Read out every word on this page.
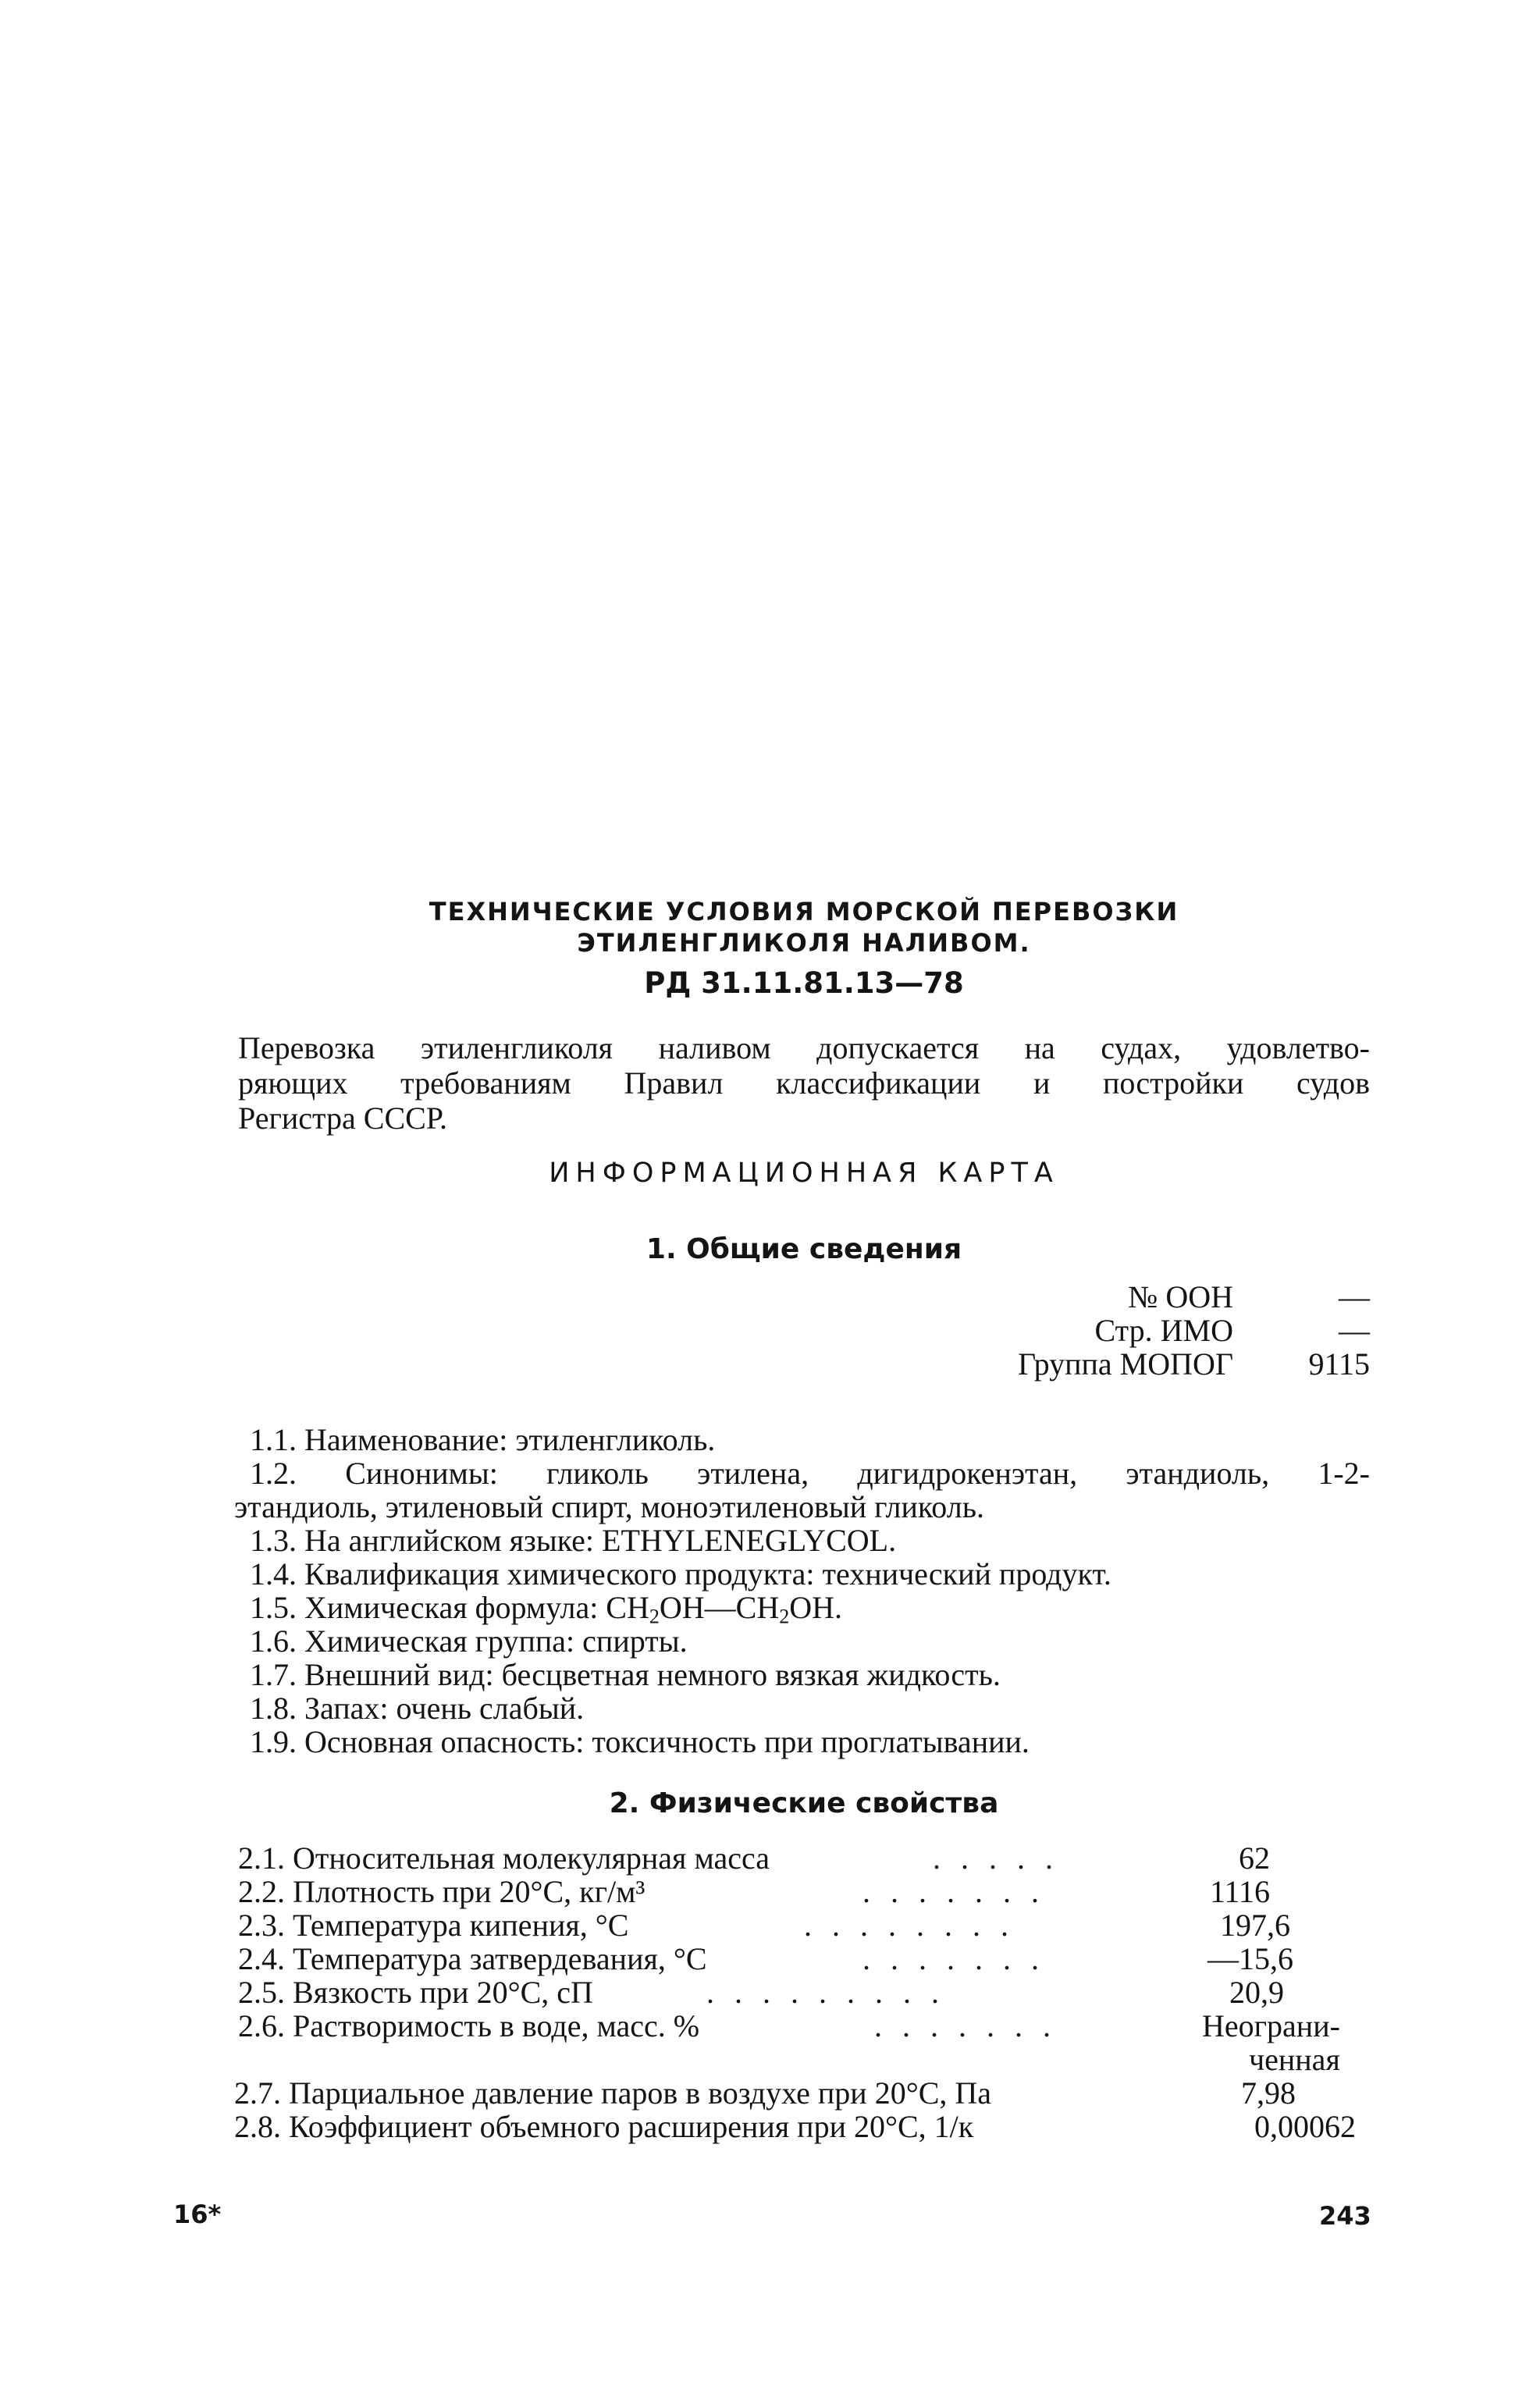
ТЕХНИЧЕСКИЕ УСЛОВИЯ МОРСКОЙ ПЕРЕВОЗКИ
ЭТИЛЕНГЛИКОЛЯ НАЛИВОМ.
РД 31.11.81.13—78
Перевозка этиленгликоля наливом допускается на судах, удовлетво-
ряющих требованиям Правил классификации и постройки судов
Регистра СССР.
ИНФОРМАЦИОННАЯ КАРТА
1. Общие сведения
№ ООН	—
Стр. ИМО	—
Группа МОПОГ 9115
1.1. Наименование: этиленгликоль.
1.2. Синонимы: гликоль этилена, дигидрокенэтан, этандиоль, 1-2-
этандиоль, этиленовый спирт, моноэтиленовый гликоль.
1.3. На английском языке: ETHYLENEGLYCOL.
1.4. Квалификация химического продукта: технический продукт.
1.5. Химическая формула: $CH_2OH—CH_2OH$.
1.6. Химическая группа: спирты.
1.7. Внешний вид: бесцветная немного вязкая жидкость.
1.8. Запах: очень слабый.
1.9. Основная опасность: токсичность при проглатывании.
2. Физические свойства
2.1. Относительная молекулярная масса	. . . . .	62
2.2. Плотность при 20°C, кг/м³	. . . . . . .	1116
2.3. Температура кипения, °C	. . . . . . . .	197,6
2.4. Температура затвердевания, °C	. . . . . . .	—15,6
2.5. Вязкость при 20°C, сП	. . . . . . . . .	20,9
2.6. Растворимость в воде, масс. %	. . . . . . .	Неограни-
ченная
2.7. Парциальное давление паров в воздухе при 20°C, Па	7,98
2.8. Коэффициент объемного расширения при 20°C, 1/к	0,00062
16*	243
